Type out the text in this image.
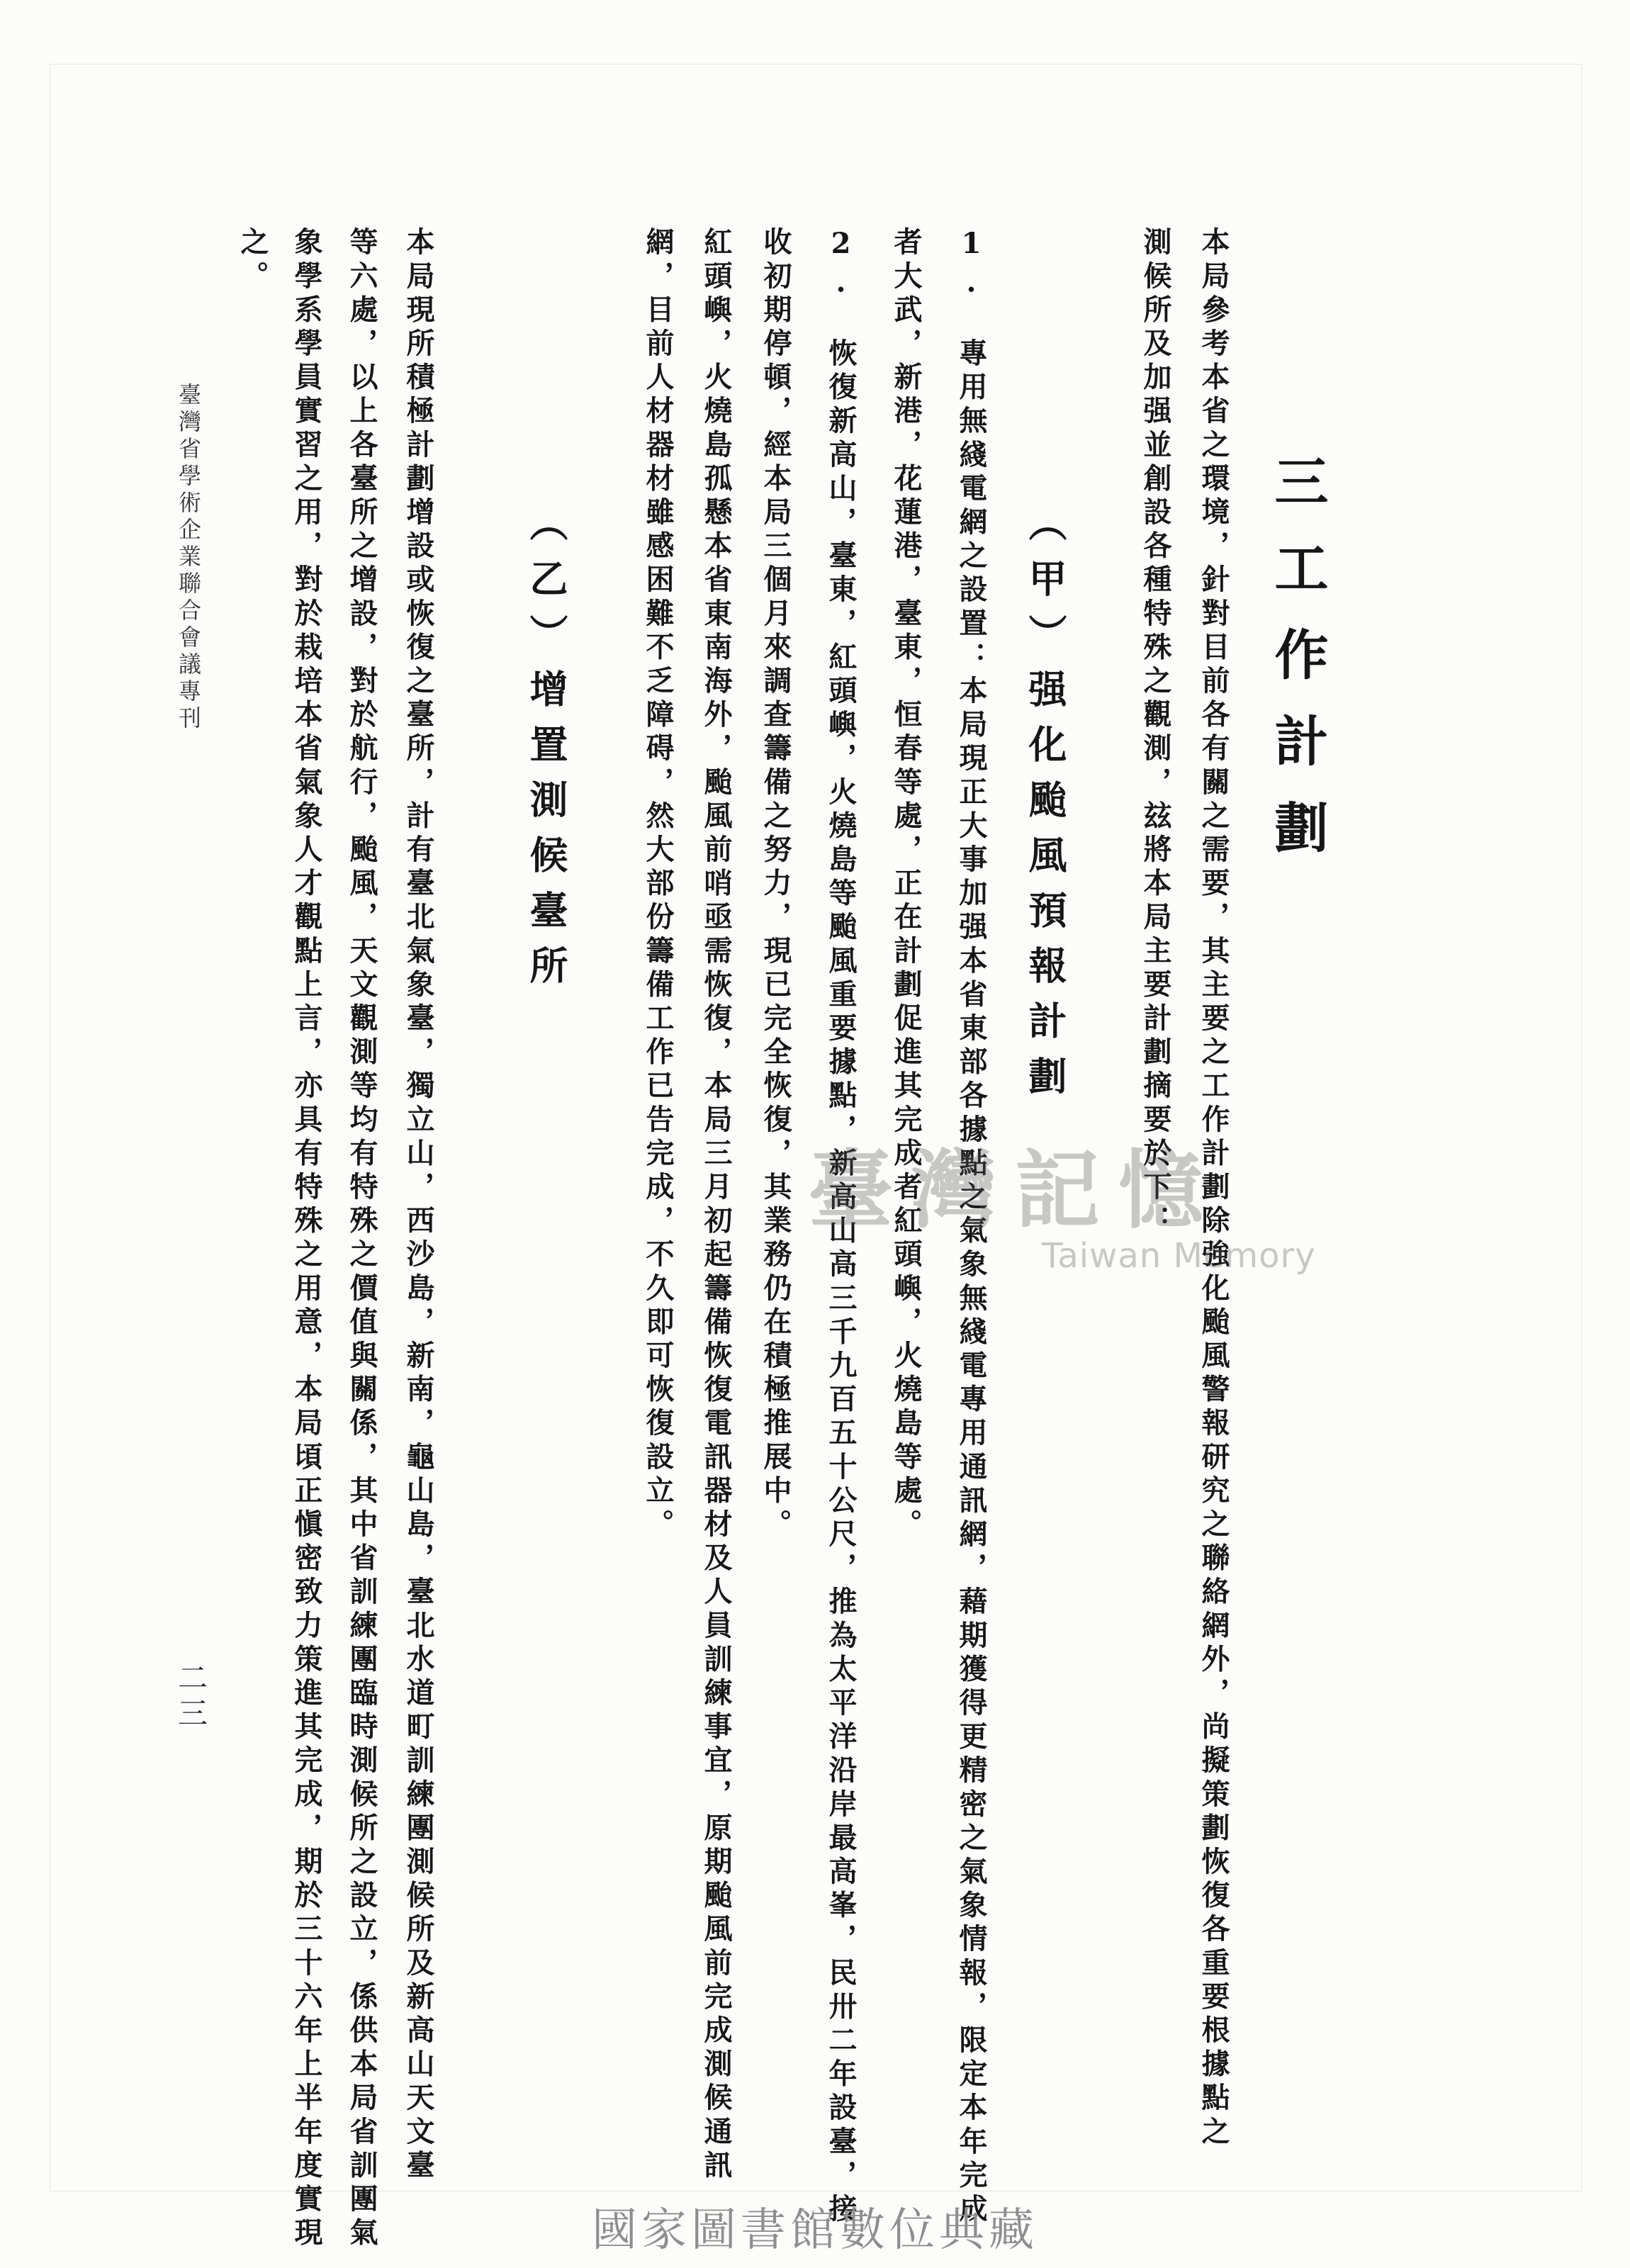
三工作計劃
本局參考本省之環境，針對目前各有關之需要，其主要之工作計劃除強化颱風警報研究之聯絡網外，尚擬策劃恢復各重要根據點之
測候所及加强並創設各種特殊之觀測，玆將本局主要計劃摘要於下：
（甲）强化颱風預報計劃
1.　專用無綫電網之設置：本局現正大事加强本省東部各據點之氣象無綫電專用通訊網，藉期獲得更精密之氣象情報，限定本年完成
者大武，新港，花蓮港，臺東，恒春等處，正在計劃促進其完成者紅頭嶼，火燒島等處。
2.　恢復新高山，臺東，紅頭嶼，火燒島等颱風重要據點，新高山高三千九百五十公尺，推為太平洋沿岸最高峯，民卅二年設臺，接
收初期停頓，經本局三個月來調查籌備之努力，現已完全恢復，其業務仍在積極推展中。
紅頭嶼，火燒島孤懸本省東南海外，颱風前哨亟需恢復，本局三月初起籌備恢復電訊器材及人員訓練事宜，原期颱風前完成測候通訊
網，目前人材器材雖感困難不乏障碍，然大部份籌備工作已告完成，不久即可恢復設立。
（乙）增置測候臺所
本局現所積極計劃增設或恢復之臺所，計有臺北氣象臺，獨立山，西沙島，新南，龜山島，臺北水道町訓練團測候所及新高山天文臺
等六處，以上各臺所之增設，對於航行，颱風，天文觀測等均有特殊之價值與關係，其中省訓練團臨時測候所之設立，係供本局省訓團氣
象學系學員實習之用，對於栽培本省氣象人才觀點上言，亦具有特殊之用意，本局頃正愼密致力策進其完成，期於三十六年上半年度實現
之。
臺灣省學術企業聯合會議專刊
二三
臺灣記憶
Taiwan Memory
國家圖書館數位典藏
